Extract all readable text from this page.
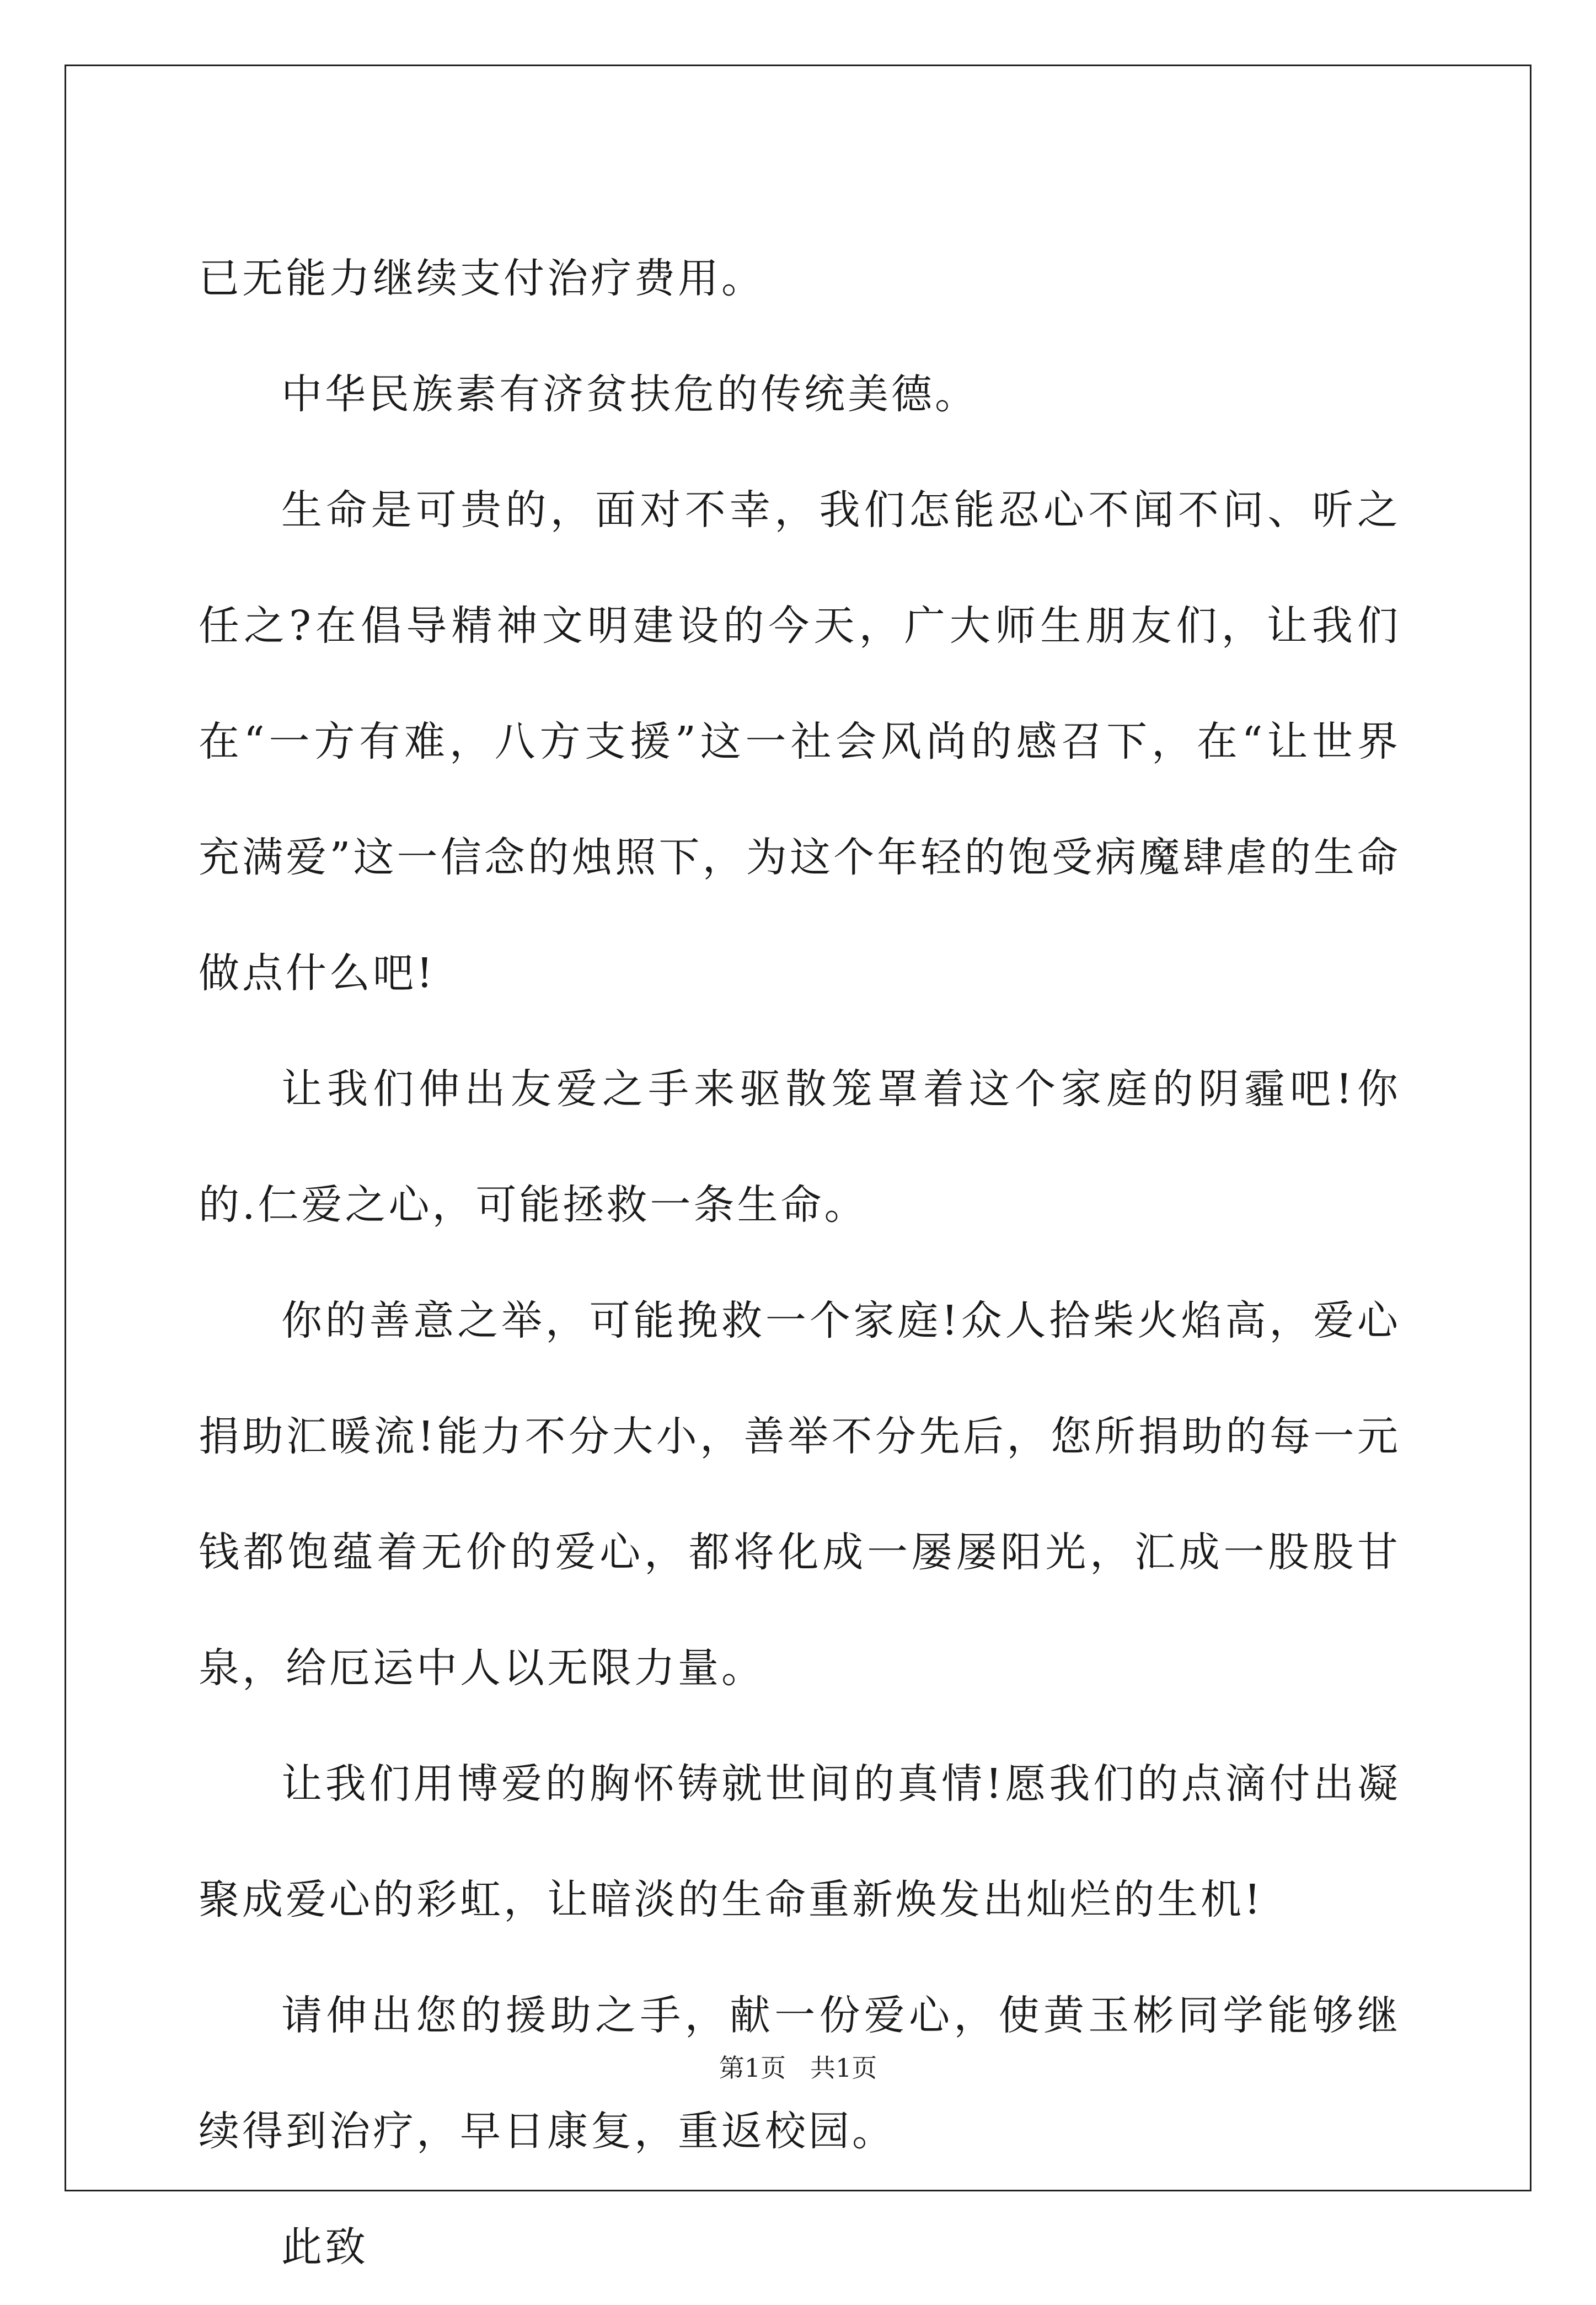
已无能力继续支付治疗费用。

中华民族素有济贫扶危的传统美德。

生命是可贵的，面对不幸，我们怎能忍心不闻不问、听之任之?在倡导精神文明建设的今天，广大师生朋友们，让我们在“一方有难，八方支援”这一社会风尚的感召下，在“让世界充满爱”这一信念的烛照下，为这个年轻的饱受病魔肆虐的生命做点什么吧!

让我们伸出友爱之手来驱散笼罩着这个家庭的阴霾吧!你的.仁爱之心，可能拯救一条生命。

你的善意之举，可能挽救一个家庭!众人拾柴火焰高，爱心捐助汇暖流!能力不分大小，善举不分先后，您所捐助的每一元钱都饱蕴着无价的爱心，都将化成一屡屡阳光，汇成一股股甘泉，给厄运中人以无限力量。

让我们用博爱的胸怀铸就世间的真情!愿我们的点滴付出凝聚成爱心的彩虹，让暗淡的生命重新焕发出灿烂的生机!

请伸出您的援助之手，献一份爱心，使黄玉彬同学能够继续得到治疗，早日康复，重返校园。

此致

第1页 共1页
